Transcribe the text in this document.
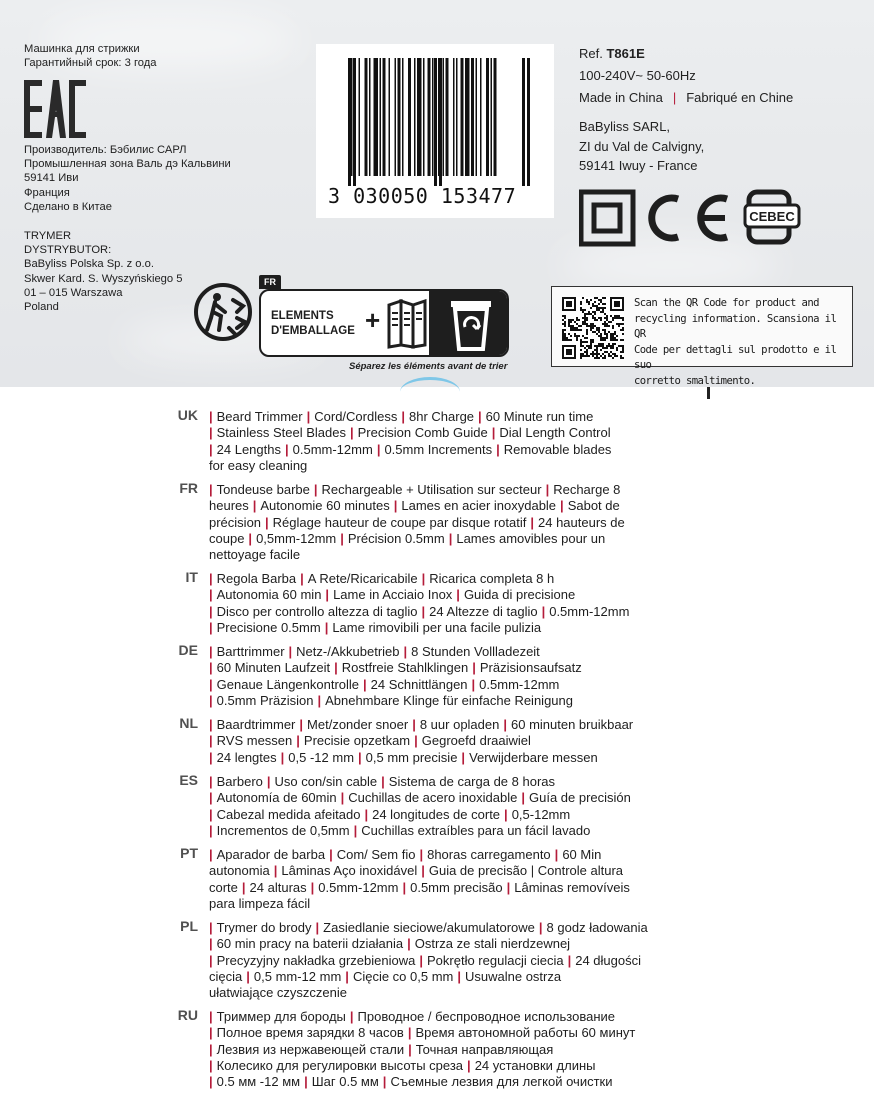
Машинка для стрижки
Гарантийный срок: 3 года
Производитель: Бэбилис САРЛ
Промышленная зона Валь дэ Кальвини
59141 Иви
Франция
Сделано в Китае
TRYMER
DYSTRYBUTOR:
BaByliss Polska Sp. z o.o.
Skwer Kard. S. Wyszyńskiego 5
01 – 015 Warszawa
Poland
3 030050 153477
Ref. T861E
100-240V~ 50-60Hz
Made in China | Fabriqué en Chine
BaByliss SARL,
ZI du Val de Calvigny,
59141 Iwuy - France
CEBEC
FR
ELEMENTS
D'EMBALLAGE +
Séparez les éléments avant de trier
Scan the QR Code for product and
recycling information. Scansiona il QR
Code per dettagli sul prodotto e il suo
corretto smaltimento.
UK | Beard Trimmer | Cord/Cordless | 8hr Charge | 60 Minute run time
| Stainless Steel Blades | Precision Comb Guide | Dial Length Control
| 24 Lengths | 0.5mm-12mm | 0.5mm Increments | Removable blades
for easy cleaning
FR | Tondeuse barbe | Rechargeable + Utilisation sur secteur | Recharge 8
heures | Autonomie 60 minutes | Lames en acier inoxydable | Sabot de
précision | Réglage hauteur de coupe par disque rotatif | 24 hauteurs de
coupe | 0,5mm-12mm | Précision 0.5mm | Lames amovibles pour un
nettoyage facile
IT | Regola Barba | A Rete/Ricaricabile | Ricarica completa 8 h
| Autonomia 60 min | Lame in Acciaio Inox | Guida di precisione
| Disco per controllo altezza di taglio | 24 Altezze di taglio | 0.5mm-12mm
| Precisione 0.5mm | Lame rimovibili per una facile pulizia
DE | Barttrimmer | Netz-/Akkubetrieb | 8 Stunden Vollladezeit
| 60 Minuten Laufzeit | Rostfreie Stahlklingen | Präzisionsaufsatz
| Genaue Längenkontrolle | 24 Schnittlängen | 0.5mm-12mm
| 0.5mm Präzision | Abnehmbare Klinge für einfache Reinigung
NL | Baardtrimmer | Met/zonder snoer | 8 uur opladen | 60 minuten bruikbaar
| RVS messen | Precisie opzetkam | Gegroefd draaiwiel
| 24 lengtes | 0,5 -12 mm | 0,5 mm precisie | Verwijderbare messen
ES | Barbero | Uso con/sin cable | Sistema de carga de 8 horas
| Autonomía de 60min | Cuchillas de acero inoxidable | Guía de precisión
| Cabezal medida afeitado | 24 longitudes de corte | 0,5-12mm
| Incrementos de 0,5mm | Cuchillas extraíbles para un fácil lavado
PT | Aparador de barba | Com/ Sem fio | 8horas carregamento | 60 Min
autonomia | Lâminas Aço inoxidável | Guia de precisão | Controle altura
corte | 24 alturas | 0.5mm-12mm | 0.5mm precisão | Lâminas removíveis
para limpeza fácil
PL | Trymer do brody | Zasiedlanie sieciowe/akumulatorowe | 8 godz ładowania
| 60 min pracy na baterii działania | Ostrza ze stali nierdzewnej
| Precyzyjny nakładka grzebieniowa | Pokrętło regulacji ciecia | 24 długości
cięcia | 0,5 mm-12 mm | Cięcie co 0,5 mm | Usuwalne ostrza
ułatwiające czyszczenie
RU | Триммер для бороды | Проводное / беспроводное использование
| Полное время зарядки 8 часов | Время автономной работы 60 минут
| Лезвия из нержавеющей стали | Точная направляющая
| Колесико для регулировки высоты среза | 24 установки длины
| 0.5 мм -12 мм | Шаг 0.5 мм | Съемные лезвия для легкой очистки
